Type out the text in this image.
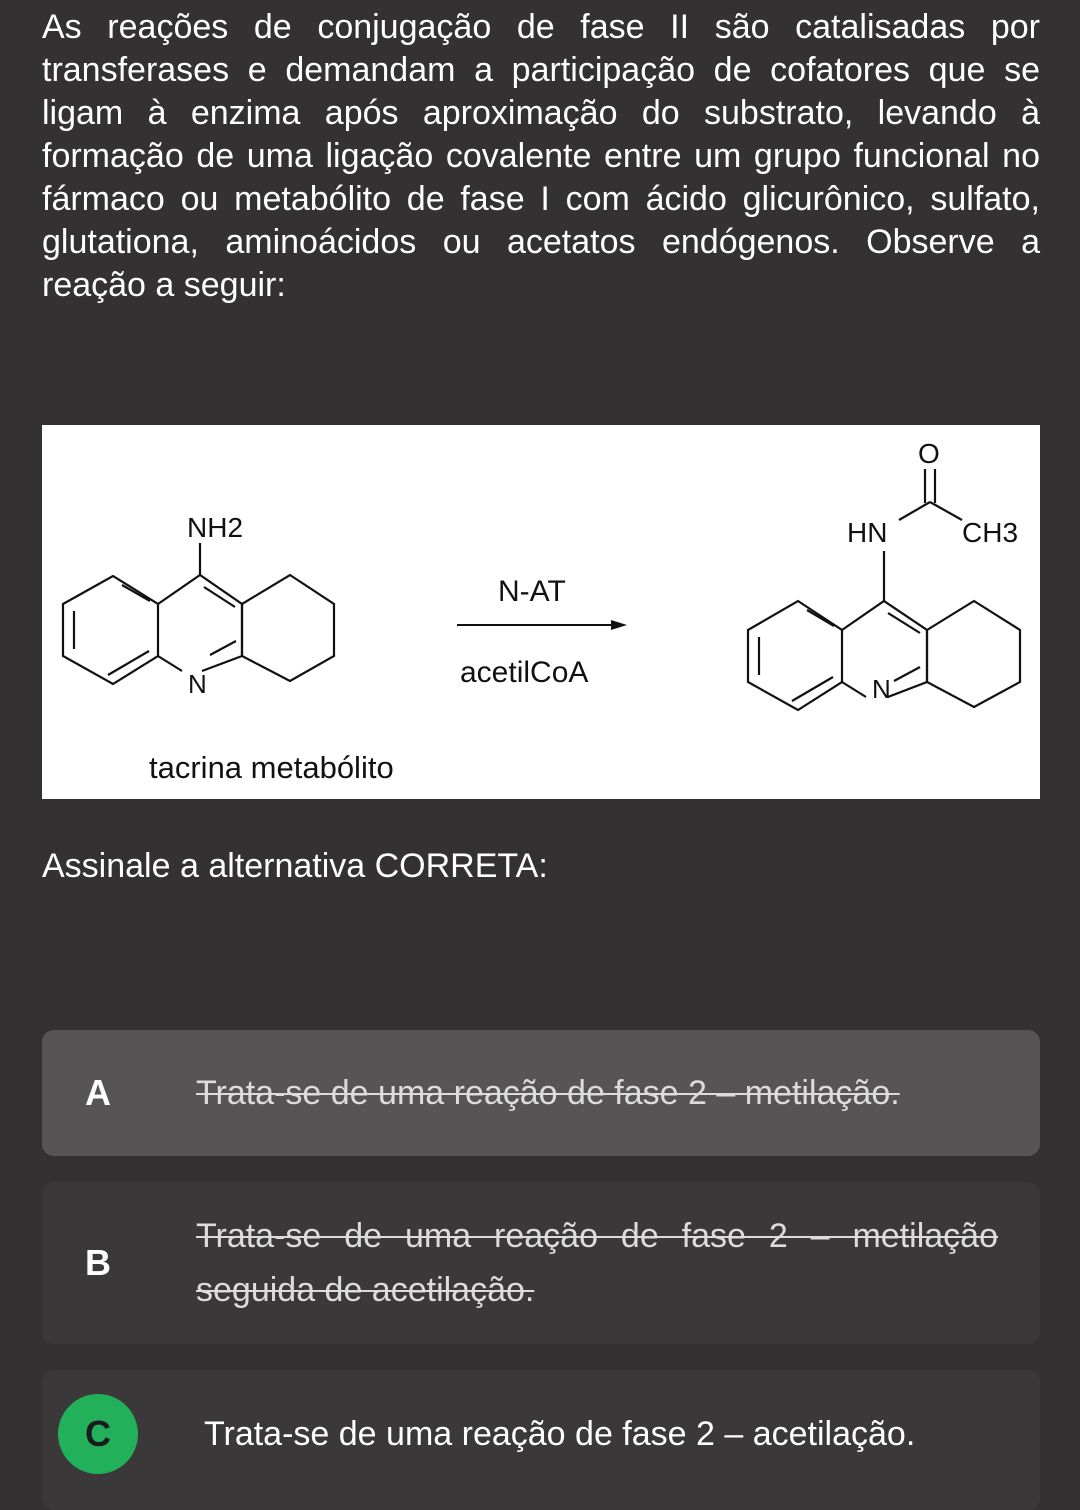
As reações de conjugação de fase II são catalisadas por transferases e demandam a participação de cofatores que se ligam à enzima após aproximação do substrato, levando à formação de uma ligação covalente entre um grupo funcional no fármaco ou metabólito de fase I com ácido glicurônico, sulfato, glutationa, aminoácidos ou acetatos endógenos. Observe a reação a seguir:
NH2
N
N-AT
acetilCoA
HN
O
CH3
N
tacrina metabólito
Assinale a alternativa CORRETA:
A	Trata-se de uma reação de fase 2 – metilação.
B
Trata-se de uma reação de fase 2 – metilação seguida de acetilação.
C	Trata-se de uma reação de fase 2 – acetilação.
